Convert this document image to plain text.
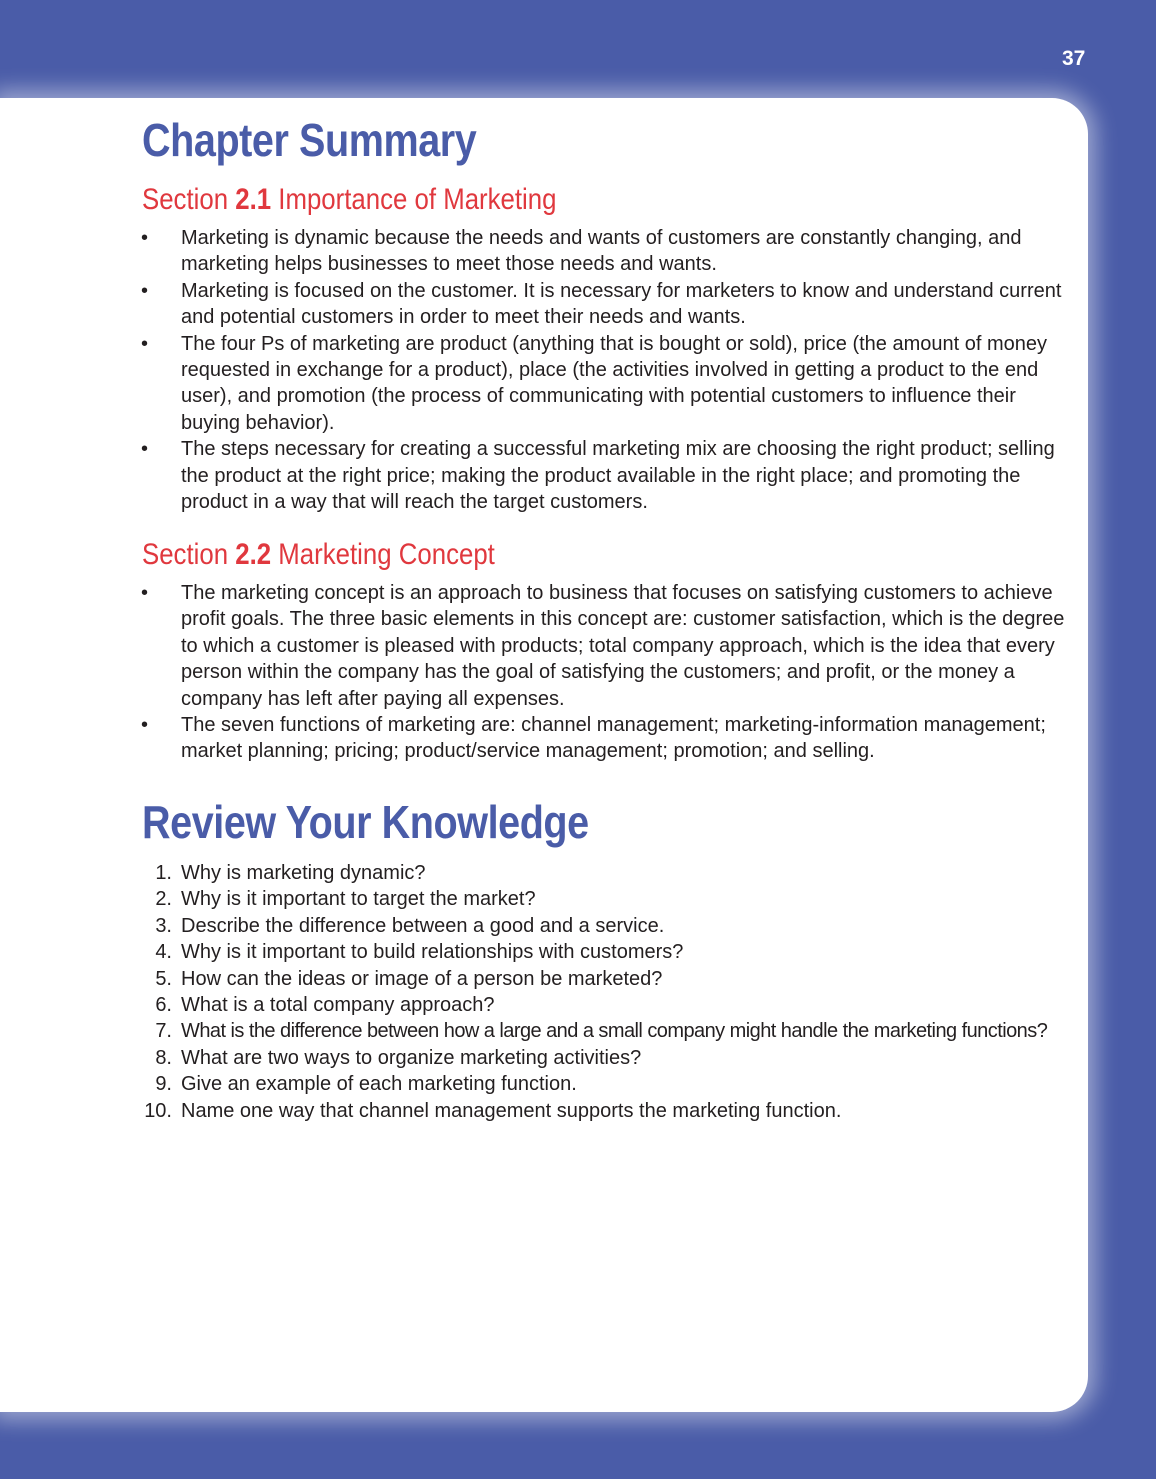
37
Chapter Summary
Section 2.1 Importance of Marketing
• Marketing is dynamic because the needs and wants of customers are constantly changing, and marketing helps businesses to meet those needs and wants.
• Marketing is focused on the customer. It is necessary for marketers to know and understand current and potential customers in order to meet their needs and wants.
• The four Ps of marketing are product (anything that is bought or sold), price (the amount of money requested in exchange for a product), place (the activities involved in getting a product to the end user), and promotion (the process of communicating with potential customers to influence their buying behavior).
• The steps necessary for creating a successful marketing mix are choosing the right product; selling the product at the right price; making the product available in the right place; and promoting the product in a way that will reach the target customers.
Section 2.2 Marketing Concept
• The marketing concept is an approach to business that focuses on satisfying customers to achieve profit goals. The three basic elements in this concept are: customer satisfaction, which is the degree to which a customer is pleased with products; total company approach, which is the idea that every person within the company has the goal of satisfying the customers; and profit, or the money a company has left after paying all expenses.
• The seven functions of marketing are: channel management; marketing-information management; market planning; pricing; product/service management; promotion; and selling.
Review Your Knowledge
1. Why is marketing dynamic?
2. Why is it important to target the market?
3. Describe the difference between a good and a service.
4. Why is it important to build relationships with customers?
5. How can the ideas or image of a person be marketed?
6. What is a total company approach?
7. What is the difference between how a large and a small company might handle the marketing functions?
8. What are two ways to organize marketing activities?
9. Give an example of each marketing function.
10. Name one way that channel management supports the marketing function.
